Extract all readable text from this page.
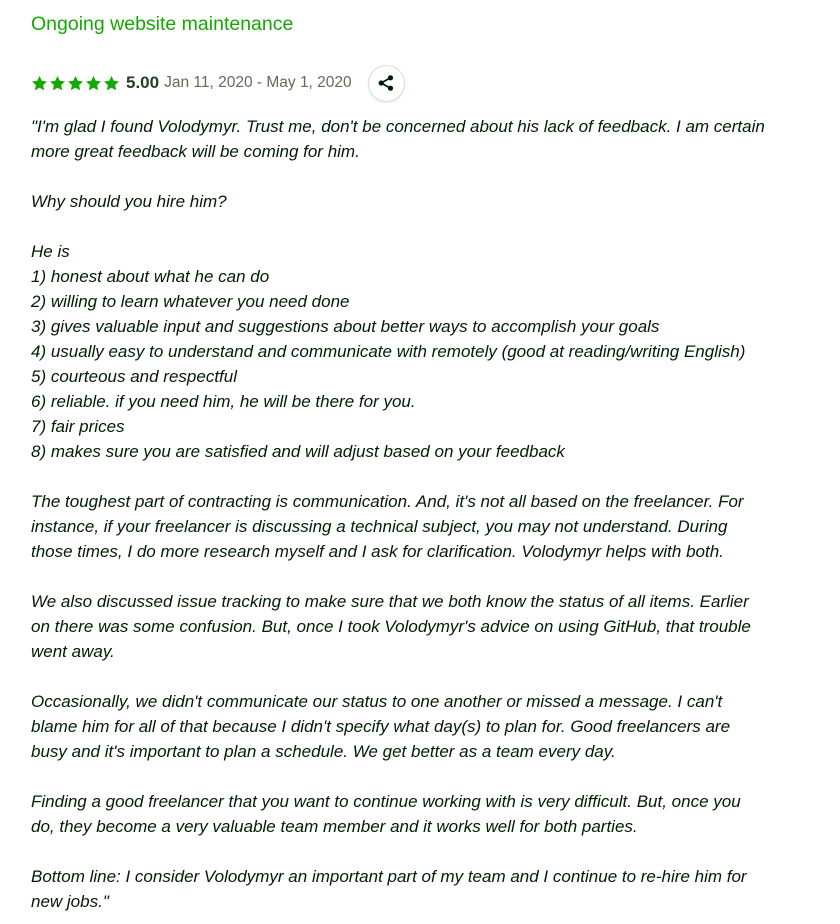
Ongoing website maintenance
5.00 Jan 11, 2020 - May 1, 2020

"I'm glad I found Volodymyr. Trust me, don't be concerned about his lack of feedback. I am certain
more great feedback will be coming for him.

Why should you hire him?

He is
1) honest about what he can do
2) willing to learn whatever you need done
3) gives valuable input and suggestions about better ways to accomplish your goals
4) usually easy to understand and communicate with remotely (good at reading/writing English)
5) courteous and respectful
6) reliable. if you need him, he will be there for you.
7) fair prices
8) makes sure you are satisfied and will adjust based on your feedback

The toughest part of contracting is communication. And, it's not all based on the freelancer. For
instance, if your freelancer is discussing a technical subject, you may not understand. During
those times, I do more research myself and I ask for clarification. Volodymyr helps with both.

We also discussed issue tracking to make sure that we both know the status of all items. Earlier
on there was some confusion. But, once I took Volodymyr's advice on using GitHub, that trouble
went away.

Occasionally, we didn't communicate our status to one another or missed a message. I can't
blame him for all of that because I didn't specify what day(s) to plan for. Good freelancers are
busy and it's important to plan a schedule. We get better as a team every day.

Finding a good freelancer that you want to continue working with is very difficult. But, once you
do, they become a very valuable team member and it works well for both parties.

Bottom line: I consider Volodymyr an important part of my team and I continue to re-hire him for
new jobs."
